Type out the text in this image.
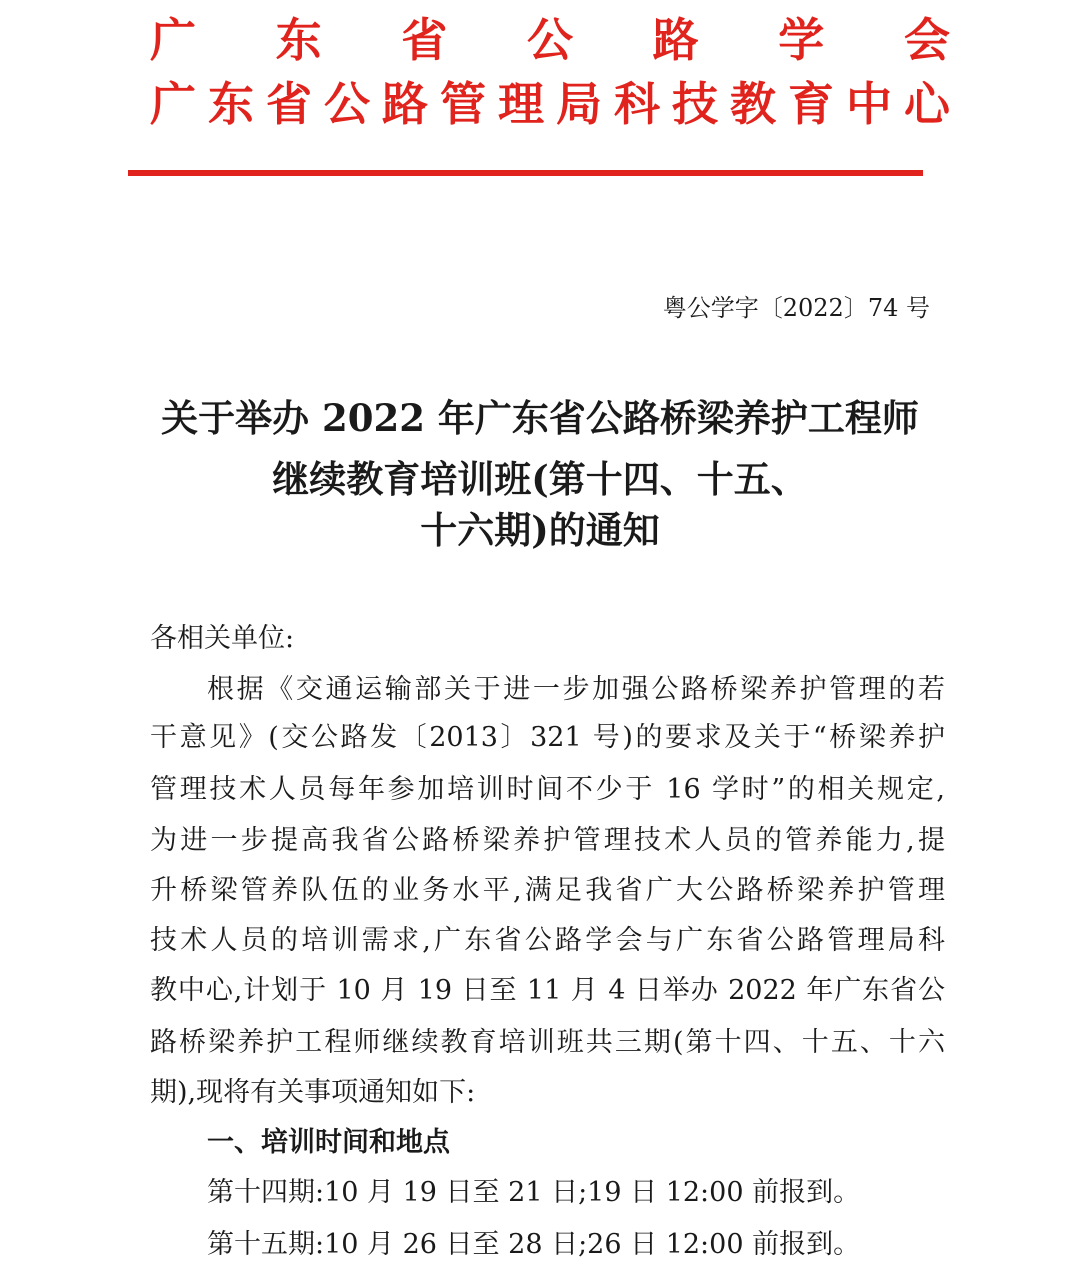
广 东 省 公 路 学 会
广 东 省 公 路 管 理 局 科 技 教 育 中 心
粤公学字〔2022〕74 号
关于举办 2022 年广东省公路桥梁养护工程师
继续教育培训班(第十四、十五、
十六期)的通知
各相关单位:
根据《交通运输部关于进一步加强公路桥梁养护管理的若
干意见》(交公路发〔2013〕321 号)的要求及关于“桥梁养护
管理技术人员每年参加培训时间不少于 16 学时”的相关规定,
为进一步提高我省公路桥梁养护管理技术人员的管养能力,提
升桥梁管养队伍的业务水平,满足我省广大公路桥梁养护管理
技术人员的培训需求,广东省公路学会与广东省公路管理局科
教中心,计划于 10 月 19 日至 11 月 4 日举办 2022 年广东省公
路桥梁养护工程师继续教育培训班共三期(第十四、十五、十六
期),现将有关事项通知如下:
一、培训时间和地点
第十四期:10 月 19 日至 21 日;19 日 12:00 前报到。
第十五期:10 月 26 日至 28 日;26 日 12:00 前报到。
